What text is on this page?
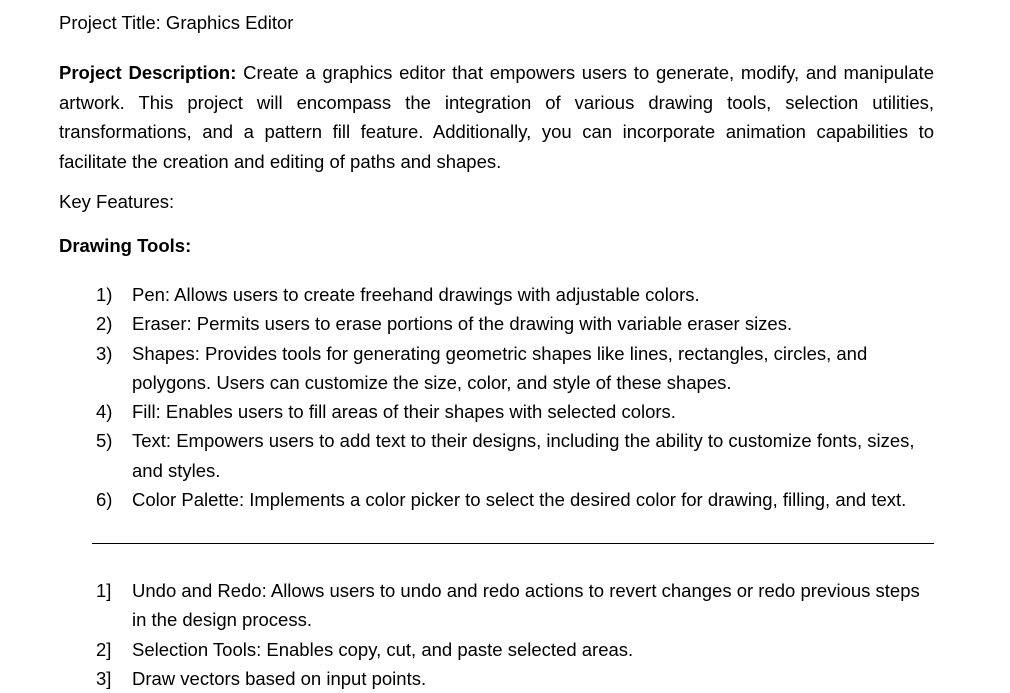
Project Title: Graphics Editor

Project Description: Create a graphics editor that empowers users to generate, modify, and manipulate artwork. This project will encompass the integration of various drawing tools, selection utilities, transformations, and a pattern fill feature. Additionally, you can incorporate animation capabilities to facilitate the creation and editing of paths and shapes.

Key Features:
Drawing Tools:
1) Pen: Allows users to create freehand drawings with adjustable colors.
2) Eraser: Permits users to erase portions of the drawing with variable eraser sizes.
3) Shapes: Provides tools for generating geometric shapes like lines, rectangles, circles, and polygons. Users can customize the size, color, and style of these shapes.
4) Fill: Enables users to fill areas of their shapes with selected colors.
5) Text: Empowers users to add text to their designs, including the ability to customize fonts, sizes, and styles.
6) Color Palette: Implements a color picker to select the desired color for drawing, filling, and text.
1] Undo and Redo: Allows users to undo and redo actions to revert changes or redo previous steps in the design process.
2] Selection Tools: Enables copy, cut, and paste selected areas.
3] Draw vectors based on input points.
